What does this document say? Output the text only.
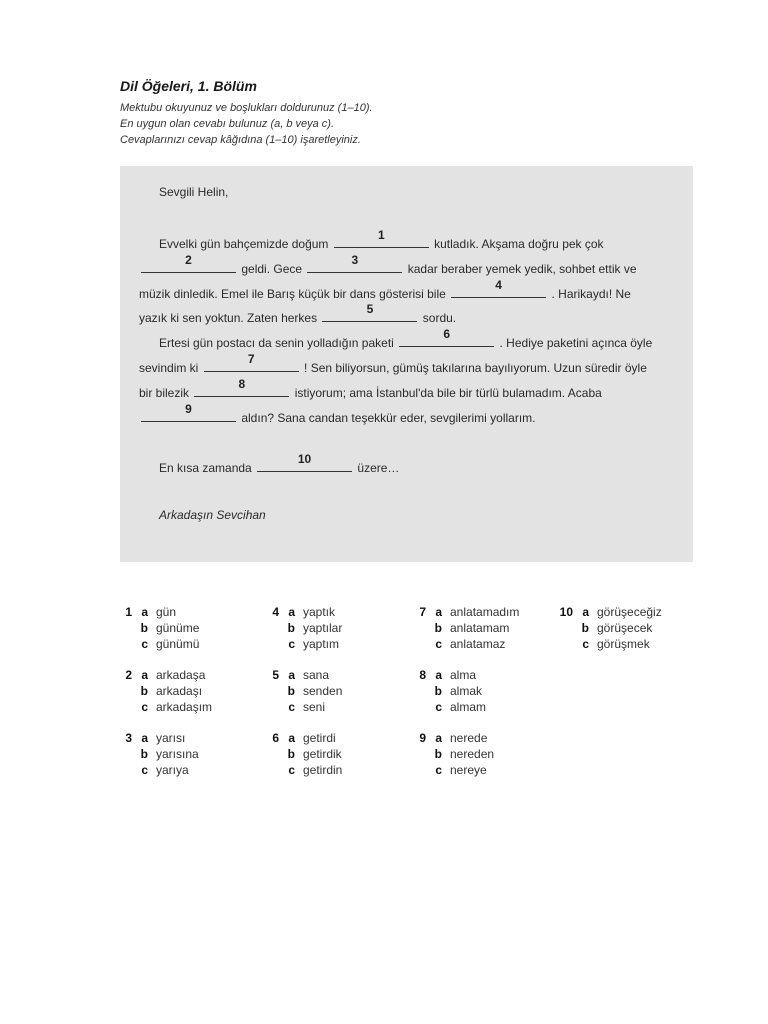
Dil Öğeleri, 1. Bölüm
Mektubu okuyunuz ve boşlukları doldurunuz (1–10).
En uygun olan cevabı bulunuz (a, b veya c).
Cevaplarınızı cevap kâğıdına (1–10) işaretleyiniz.
Sevgili Helin,
Evvelki gün bahçemizde doğum
1
kutladık. Akşama doğru pek çok
2
geldi. Gece
3
kadar beraber yemek yedik, sohbet ettik ve
müzik dinledik. Emel ile Barış küçük bir dans gösterisi bile
4
. Harikaydı! Ne
yazık ki sen yoktun. Zaten herkes
5
sordu.
Ertesi gün postacı da senin yolladığın paketi
6
. Hediye paketini açınca öyle
sevindim ki
7
! Sen biliyorsun, gümüş takılarına bayılıyorum. Uzun süredir öyle
bir bilezik
8
istiyorum; ama İstanbul'da bile bir türlü bulamadım. Acaba
9
aldın? Sana candan teşekkür eder, sevgilerimi yollarım.
En kısa zamanda
10
üzere…
Arkadaşın Sevcihan
1 a gün
b günüme
c günümü
2 a arkadaşa
b arkadaşı
c arkadaşım
3 a yarısı
b yarısına
c yarıya
4 a yaptık
b yaptılar
c yaptım
5 a sana
b senden
c seni
6 a getirdi
b getirdik
c getirdin
7 a anlatamadım
b anlatamam
c anlatamaz
8 a alma
b almak
c almam
9 a nerede
b nereden
c nereye
10 a görüşeceğiz
b görüşecek
c görüşmek
